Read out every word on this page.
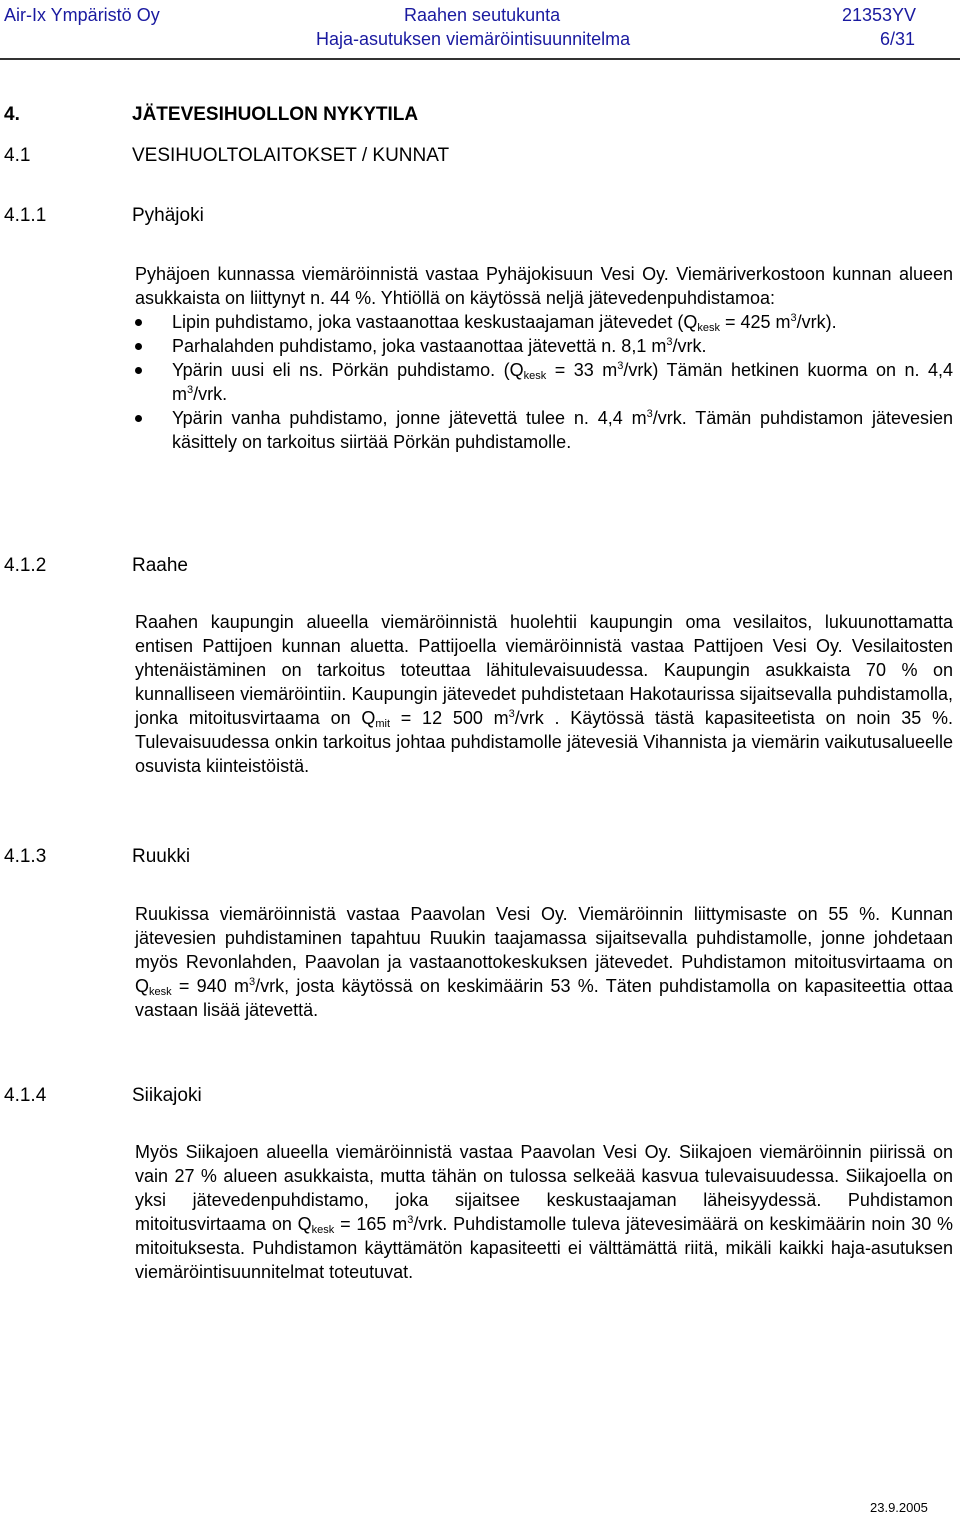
Air-Ix Ympäristö Oy	Raahen seutukunta	21353YV
Haja-asutuksen viemäröintisuunnitelma	6/31
4.	JÄTEVESIHUOLLON NYKYTILA
4.1	VESIHUOLTOLAITOKSET / KUNNAT
4.1.1	Pyhäjoki

Pyhäjoen kunnassa viemäröinnistä vastaa Pyhäjokisuun Vesi Oy. Viemäriverkostoon kunnan alueen asukkaista on liittynyt n. 44 %. Yhtiöllä on käytössä neljä jätevedenpuhdistamoa:

Lipin puhdistamo, joka vastaanottaa keskustaajaman jätevedet ($Q_{kesk} = 425$ $m^3/vrk$).
Parhalahden puhdistamo, joka vastaanottaa jätevettä n. 8,1 $m^3$/vrk.
Ypärin uusi eli ns. Pörkän puhdistamo. ($Q_{kesk} = 33$ $m^3/vrk$) Tämän hetkinen kuorma on n. 4,4 $m^3$/vrk.
Ypärin vanha puhdistamo, jonne jätevettä tulee n. 4,4 $m^3$/vrk. Tämän puhdistamon jätevesien käsittely on tarkoitus siirtää Pörkän puhdistamolle.
4.1.2	Raahe

Raahen kaupungin alueella viemäröinnistä huolehtii kaupungin oma vesilaitos, lukuunottamatta entisen Pattijoen kunnan aluetta. Pattijoella viemäröinnistä vastaa Pattijoen Vesi Oy. Vesilaitosten yhtenäistäminen on tarkoitus toteuttaa lähitulevaisuudessa. Kaupungin asukkaista 70 % on kunnalliseen viemäröintiin. Kaupungin jätevedet puhdistetaan Hakotaurissa sijaitsevalla puhdistamolla, jonka mitoitusvirtaama on $Q_{mit} = 12$ 500 $m^3$/vrk . Käytössä tästä kapasiteetista on noin 35 %. Tulevaisuudessa onkin tarkoitus johtaa puhdistamolle jätevesiä Vihannista ja viemärin vaikutusalueelle osuvista kiinteistöistä.

4.1.3	Ruukki

Ruukissa viemäröinnistä vastaa Paavolan Vesi Oy. Viemäröinnin liittymisaste on 55 %. Kunnan jätevesien puhdistaminen tapahtuu Ruukin taajamassa sijaitsevalla puhdistamolle, jonne johdetaan myös Revonlahden, Paavolan ja vastaanottokeskuksen jätevedet. Puhdistamon mitoitusvirtaama on $Q_{kesk} = 940$ $m^3$/vrk, josta käytössä on keskimäärin 53 %. Täten puhdistamolla on kapasiteettia ottaa vastaan lisää jätevettä.

4.1.4	Siikajoki

Myös Siikajoen alueella viemäröinnistä vastaa Paavolan Vesi Oy. Siikajoen viemäröinnin piirissä on vain 27 % alueen asukkaista, mutta tähän on tulossa selkeää kasvua tulevaisuudessa. Siikajoella on yksi jätevedenpuhdistamo, joka sijaitsee keskustaajaman läheisyydessä. Puhdistamon mitoitusvirtaama on $Q_{kesk} = 165$ $m^3$/vrk. Puhdistamolle tuleva jätevesimäärä on keskimäärin noin 30 % mitoituksesta. Puhdistamon käyttämätön kapasiteetti ei välttämättä riitä, mikäli kaikki haja-asutuksen viemäröintisuunnitelmat toteutuvat.

23.9.2005
